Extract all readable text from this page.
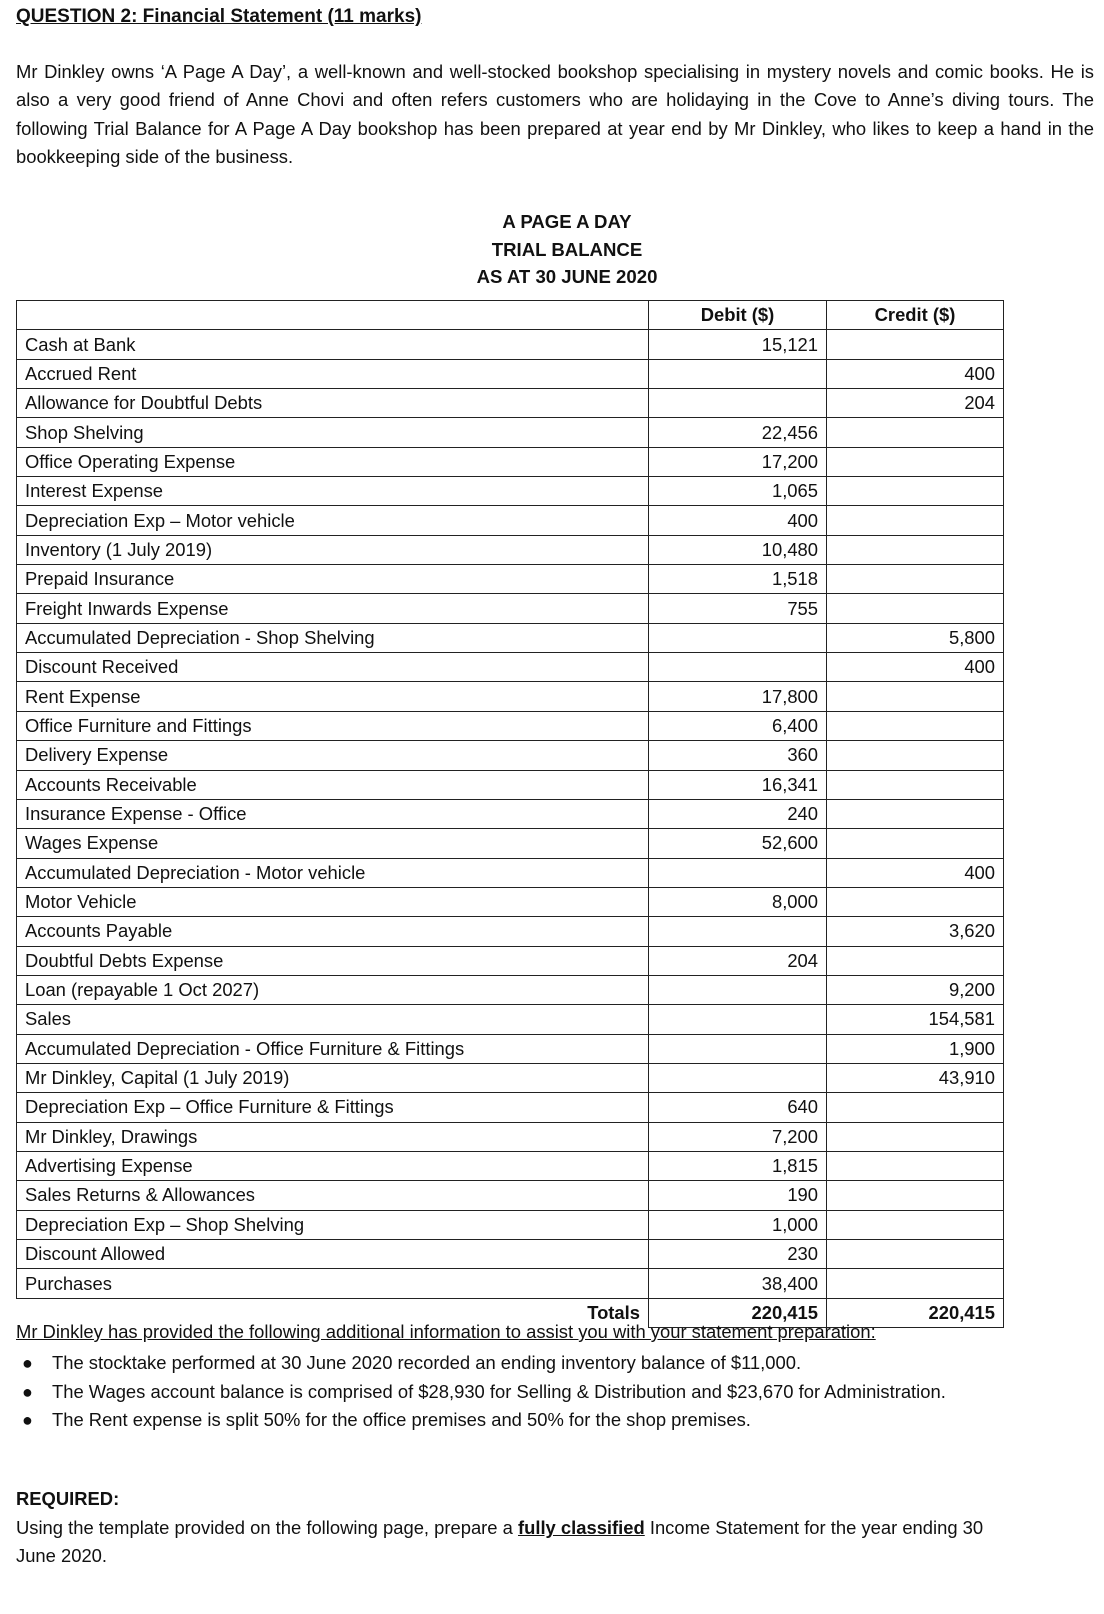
QUESTION 2: Financial Statement (11 marks)
Mr Dinkley owns ‘A Page A Day’, a well-known and well-stocked bookshop specialising in mystery novels and comic books. He is also a very good friend of Anne Chovi and often refers customers who are holidaying in the Cove to Anne’s diving tours. The following Trial Balance for A Page A Day bookshop has been prepared at year end by Mr Dinkley, who likes to keep a hand in the bookkeeping side of the business.
A PAGE A DAY
TRIAL BALANCE
AS AT 30 JUNE 2020
	Debit ($)	Credit ($)
Cash at Bank	15,121	
Accrued Rent		400
Allowance for Doubtful Debts		204
Shop Shelving	22,456	
Office Operating Expense	17,200	
Interest Expense	1,065	
Depreciation Exp – Motor vehicle	400	
Inventory (1 July 2019)	10,480	
Prepaid Insurance	1,518	
Freight Inwards Expense	755	
Accumulated Depreciation - Shop Shelving		5,800
Discount Received		400
Rent Expense	17,800	
Office Furniture and Fittings	6,400	
Delivery Expense	360	
Accounts Receivable	16,341	
Insurance Expense - Office	240	
Wages Expense	52,600	
Accumulated Depreciation - Motor vehicle		400
Motor Vehicle	8,000	
Accounts Payable		3,620
Doubtful Debts Expense	204	
Loan (repayable 1 Oct 2027)		9,200
Sales		154,581
Accumulated Depreciation - Office Furniture & Fittings		1,900
Mr Dinkley, Capital (1 July 2019)		43,910
Depreciation Exp – Office Furniture & Fittings	640	
Mr Dinkley, Drawings	7,200	
Advertising Expense	1,815	
Sales Returns & Allowances	190	
Depreciation Exp – Shop Shelving	1,000	
Discount Allowed	230	
Purchases	38,400	
Totals	220,415	220,415
Mr Dinkley has provided the following additional information to assist you with your statement preparation:
● The stocktake performed at 30 June 2020 recorded an ending inventory balance of $11,000.
● The Wages account balance is comprised of $28,930 for Selling & Distribution and $23,670 for Administration.
● The Rent expense is split 50% for the office premises and 50% for the shop premises.
REQUIRED:
Using the template provided on the following page, prepare a fully classified Income Statement for the year ending 30 June 2020.
